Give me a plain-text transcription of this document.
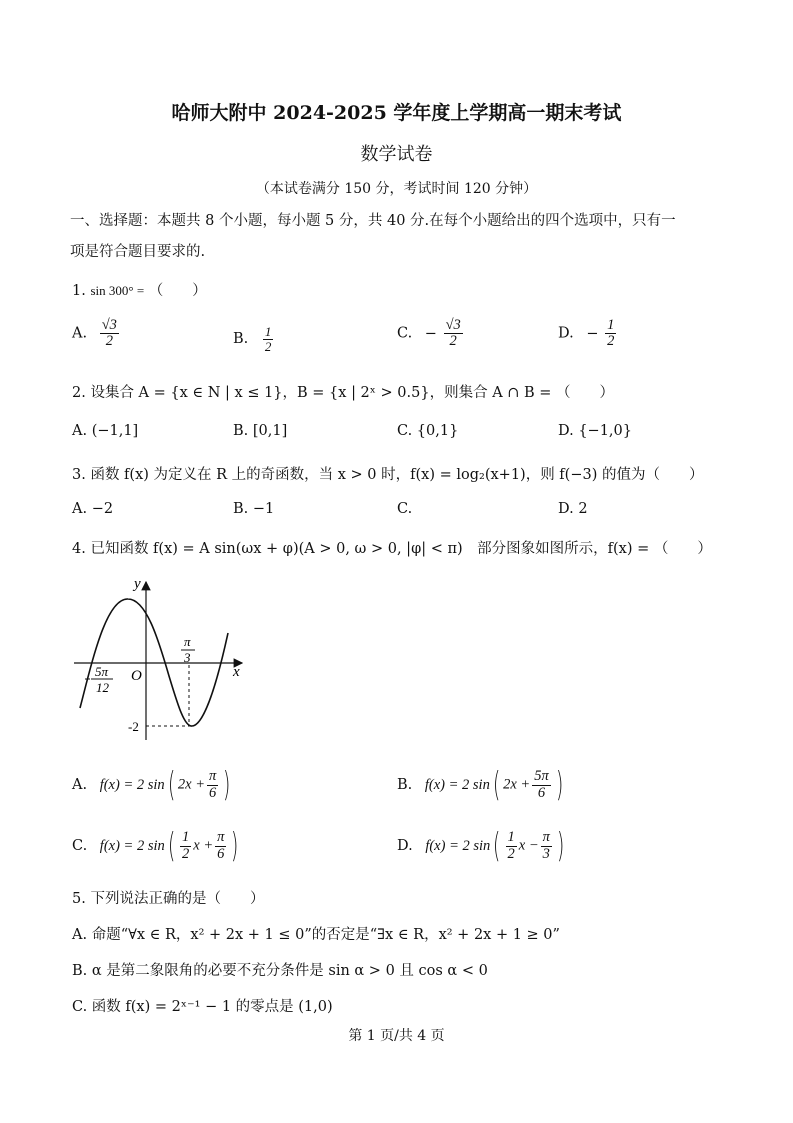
哈师大附中 2024-2025 学年度上学期高一期末考试
数学试卷
（本试卷满分 150 分，考试时间 120 分钟）
一、选择题：本题共 8 个小题，每小题 5 分，共 40 分.在每个小题给出的四个选项中，只有一
项是符合题目要求的.
1. sin 300° = （　　）
A. $\frac{√3}{2}$	B. $\frac{1}{2}$	C. − $\frac{√3}{2}$	D. − $\frac{1}{2}$
2. 设集合 A = {x ∈ N | x ≤ 1}，B = {x | 2ˣ > 0.5}，则集合 A ∩ B = （　　）
A. (−1,1]	B. [0,1]	C. {0,1}	D. {−1,0}
3. 函数 f(x) 为定义在 R 上的奇函数，当 x > 0 时，f(x) = log₂(x+1)，则 f(−3) 的值为（　　）
A. −2	B. −1	C.	D. 2
4. 已知函数 f(x) = A sin(ωx + φ)(A > 0, ω > 0, |φ| < π)　部分图象如图所示，f(x) = （　　）
y
x
O
5π
12
π
3
-2
A. f(x) = 2 sin( $2x + \frac{\pi}{6}$ )	B. f(x) = 2 sin( $2x + \frac{5\pi}{6}$ )
C. f(x) = 2 $\sin( \frac{1}{2}$ $x + \frac{\pi}{6}$ )	D. f(x) = 2 $\sin( \frac{1}{2}$ $x - \frac{\pi}{3}$ )
5. 下列说法正确的是（　　）
A. 命题“∀x ∈ R，x² + 2x + 1 ≤ 0”的否定是“∃x ∈ R，x² + 2x + 1 ≥ 0”
B. α 是第二象限角的必要不充分条件是 sin α > 0 且 cos α < 0
C. 函数 f(x) = 2ˣ⁻¹ − 1 的零点是 (1,0)
第 1 页/共 4 页
